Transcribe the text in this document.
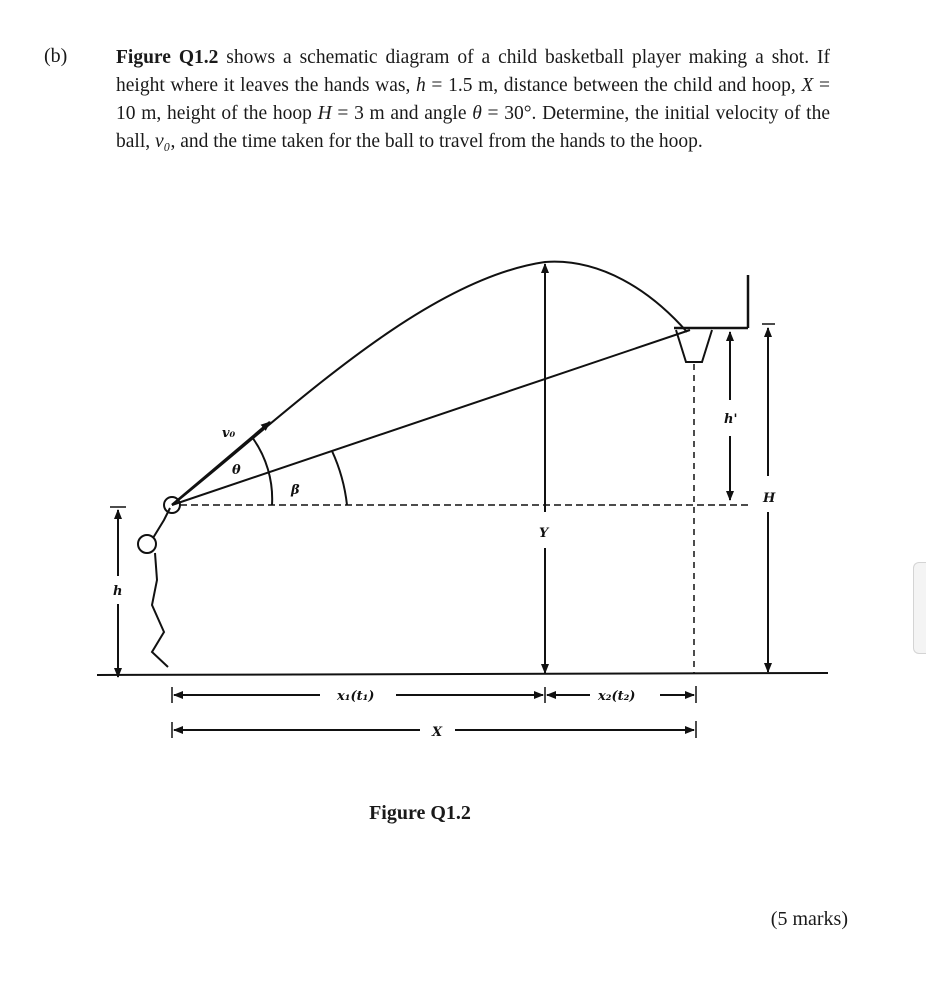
(b) Figure Q1.2 shows a schematic diagram of a child basketball player making a shot. If height where it leaves the hands was, h = 1.5 m, distance between the child and hoop, X = 10 m, height of the hoop H = 3 m and angle θ = 30°. Determine, the initial velocity of the ball, v₀, and the time taken for the ball to travel from the hands to the hoop.

v₀
θ
β
Y
h'
H
h
x₁(t₁)	x₂(t₂)
X

Figure Q1.2

(5 marks)
